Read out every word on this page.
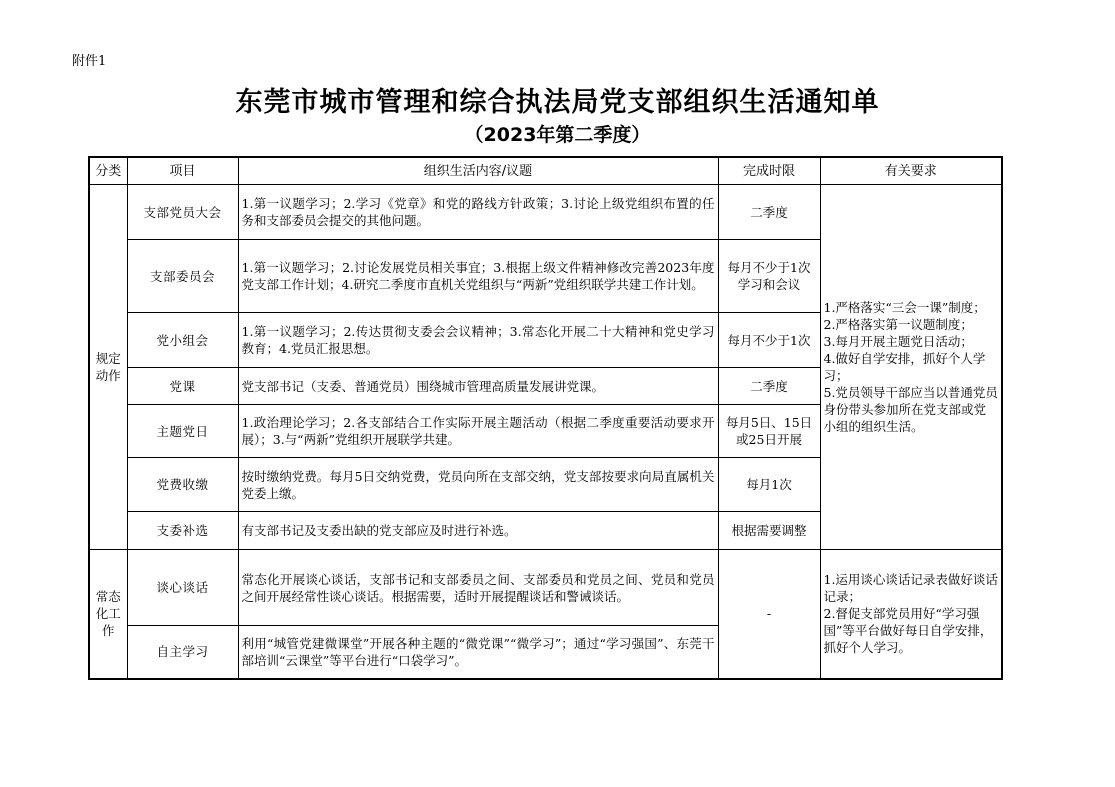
附件1
东莞市城市管理和综合执法局党支部组织生活通知单
（2023年第二季度）
分类	项目	组织生活内容/议题	完成时限	有关要求
规定动作	支部党员大会	1.第一议题学习；2.学习《党章》和党的路线方针政策；3.讨论上级党组织布置的任务和支部委员会提交的其他问题。	二季度	1.严格落实“三会一课”制度；
2.严格落实第一议题制度；
3.每月开展主题党日活动；
4.做好自学安排，抓好个人学习；
5.党员领导干部应当以普通党员身份带头参加所在党支部或党小组的组织生活。

	支部委员会	1.第一议题学习；2.讨论发展党员相关事宜；3.根据上级文件精神修改完善2023年度党支部工作计划；4.研究二季度市直机关党组织与“两新”党组织联学共建工作计划。	每月不少于1次学习和会议	
	党小组会	1.第一议题学习；2.传达贯彻支委会会议精神；3.常态化开展二十大精神和党史学习教育；4.党员汇报思想。	每月不少于1次	
	党课	党支部书记（支委、普通党员）围绕城市管理高质量发展讲党课。	二季度	
	主题党日	1.政治理论学习；2.各支部结合工作实际开展主题活动（根据二季度重要活动要求开展）；3.与“两新”党组织开展联学共建。	每月5日、15日或25日开展	
	党费收缴	按时缴纳党费。每月5日交纳党费，党员向所在支部交纳，党支部按要求向局直属机关党委上缴。	每月1次	
	支委补选	有支部书记及支委出缺的党支部应及时进行补选。	根据需要调整	
常态化工作	谈心谈话	常态化开展谈心谈话，支部书记和支部委员之间、支部委员和党员之间、党员和党员之间开展经常性谈心谈话。根据需要，适时开展提醒谈话和警诫谈话。	-	1.运用谈心谈话记录表做好谈话记录；
2.督促支部党员用好“学习强国”等平台做好每日自学安排，抓好个人学习。

	自主学习	利用“城管党建微课堂”开展各种主题的“微党课”“微学习”；通过“学习强国”、东莞干部培训“云课堂”等平台进行“口袋学习”。		
